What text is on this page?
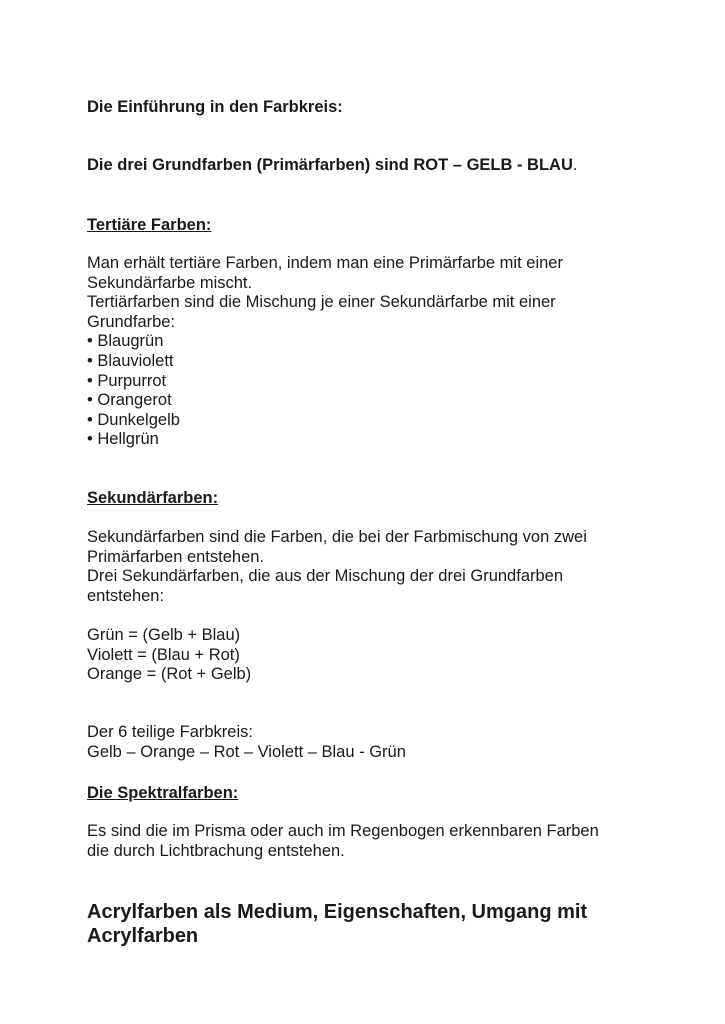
Die Einführung in den Farbkreis:

Die drei Grundfarben (Primärfarben) sind ROT – GELB - BLAU.

Tertiäre Farben:

Man erhält tertiäre Farben, indem man eine Primärfarbe mit einer
Sekundärfarbe mischt.
Tertiärfarben sind die Mischung je einer Sekundärfarbe mit einer
Grundfarbe:
• Blaugrün
• Blauviolett
• Purpurrot
• Orangerot
• Dunkelgelb
• Hellgrün

Sekundärfarben:

Sekundärfarben sind die Farben, die bei der Farbmischung von zwei
Primärfarben entstehen.
Drei Sekundärfarben, die aus der Mischung der drei Grundfarben
entstehen:
Grün = (Gelb + Blau)
Violett = (Blau + Rot)
Orange = (Rot + Gelb)
Der 6 teilige Farbkreis:
Gelb – Orange – Rot – Violett – Blau - Grün

Die Spektralfarben:

Es sind die im Prisma oder auch im Regenbogen erkennbaren Farben
die durch Lichtbrachung entstehen.
Acrylfarben als Medium, Eigenschaften, Umgang mit
Acrylfarben
